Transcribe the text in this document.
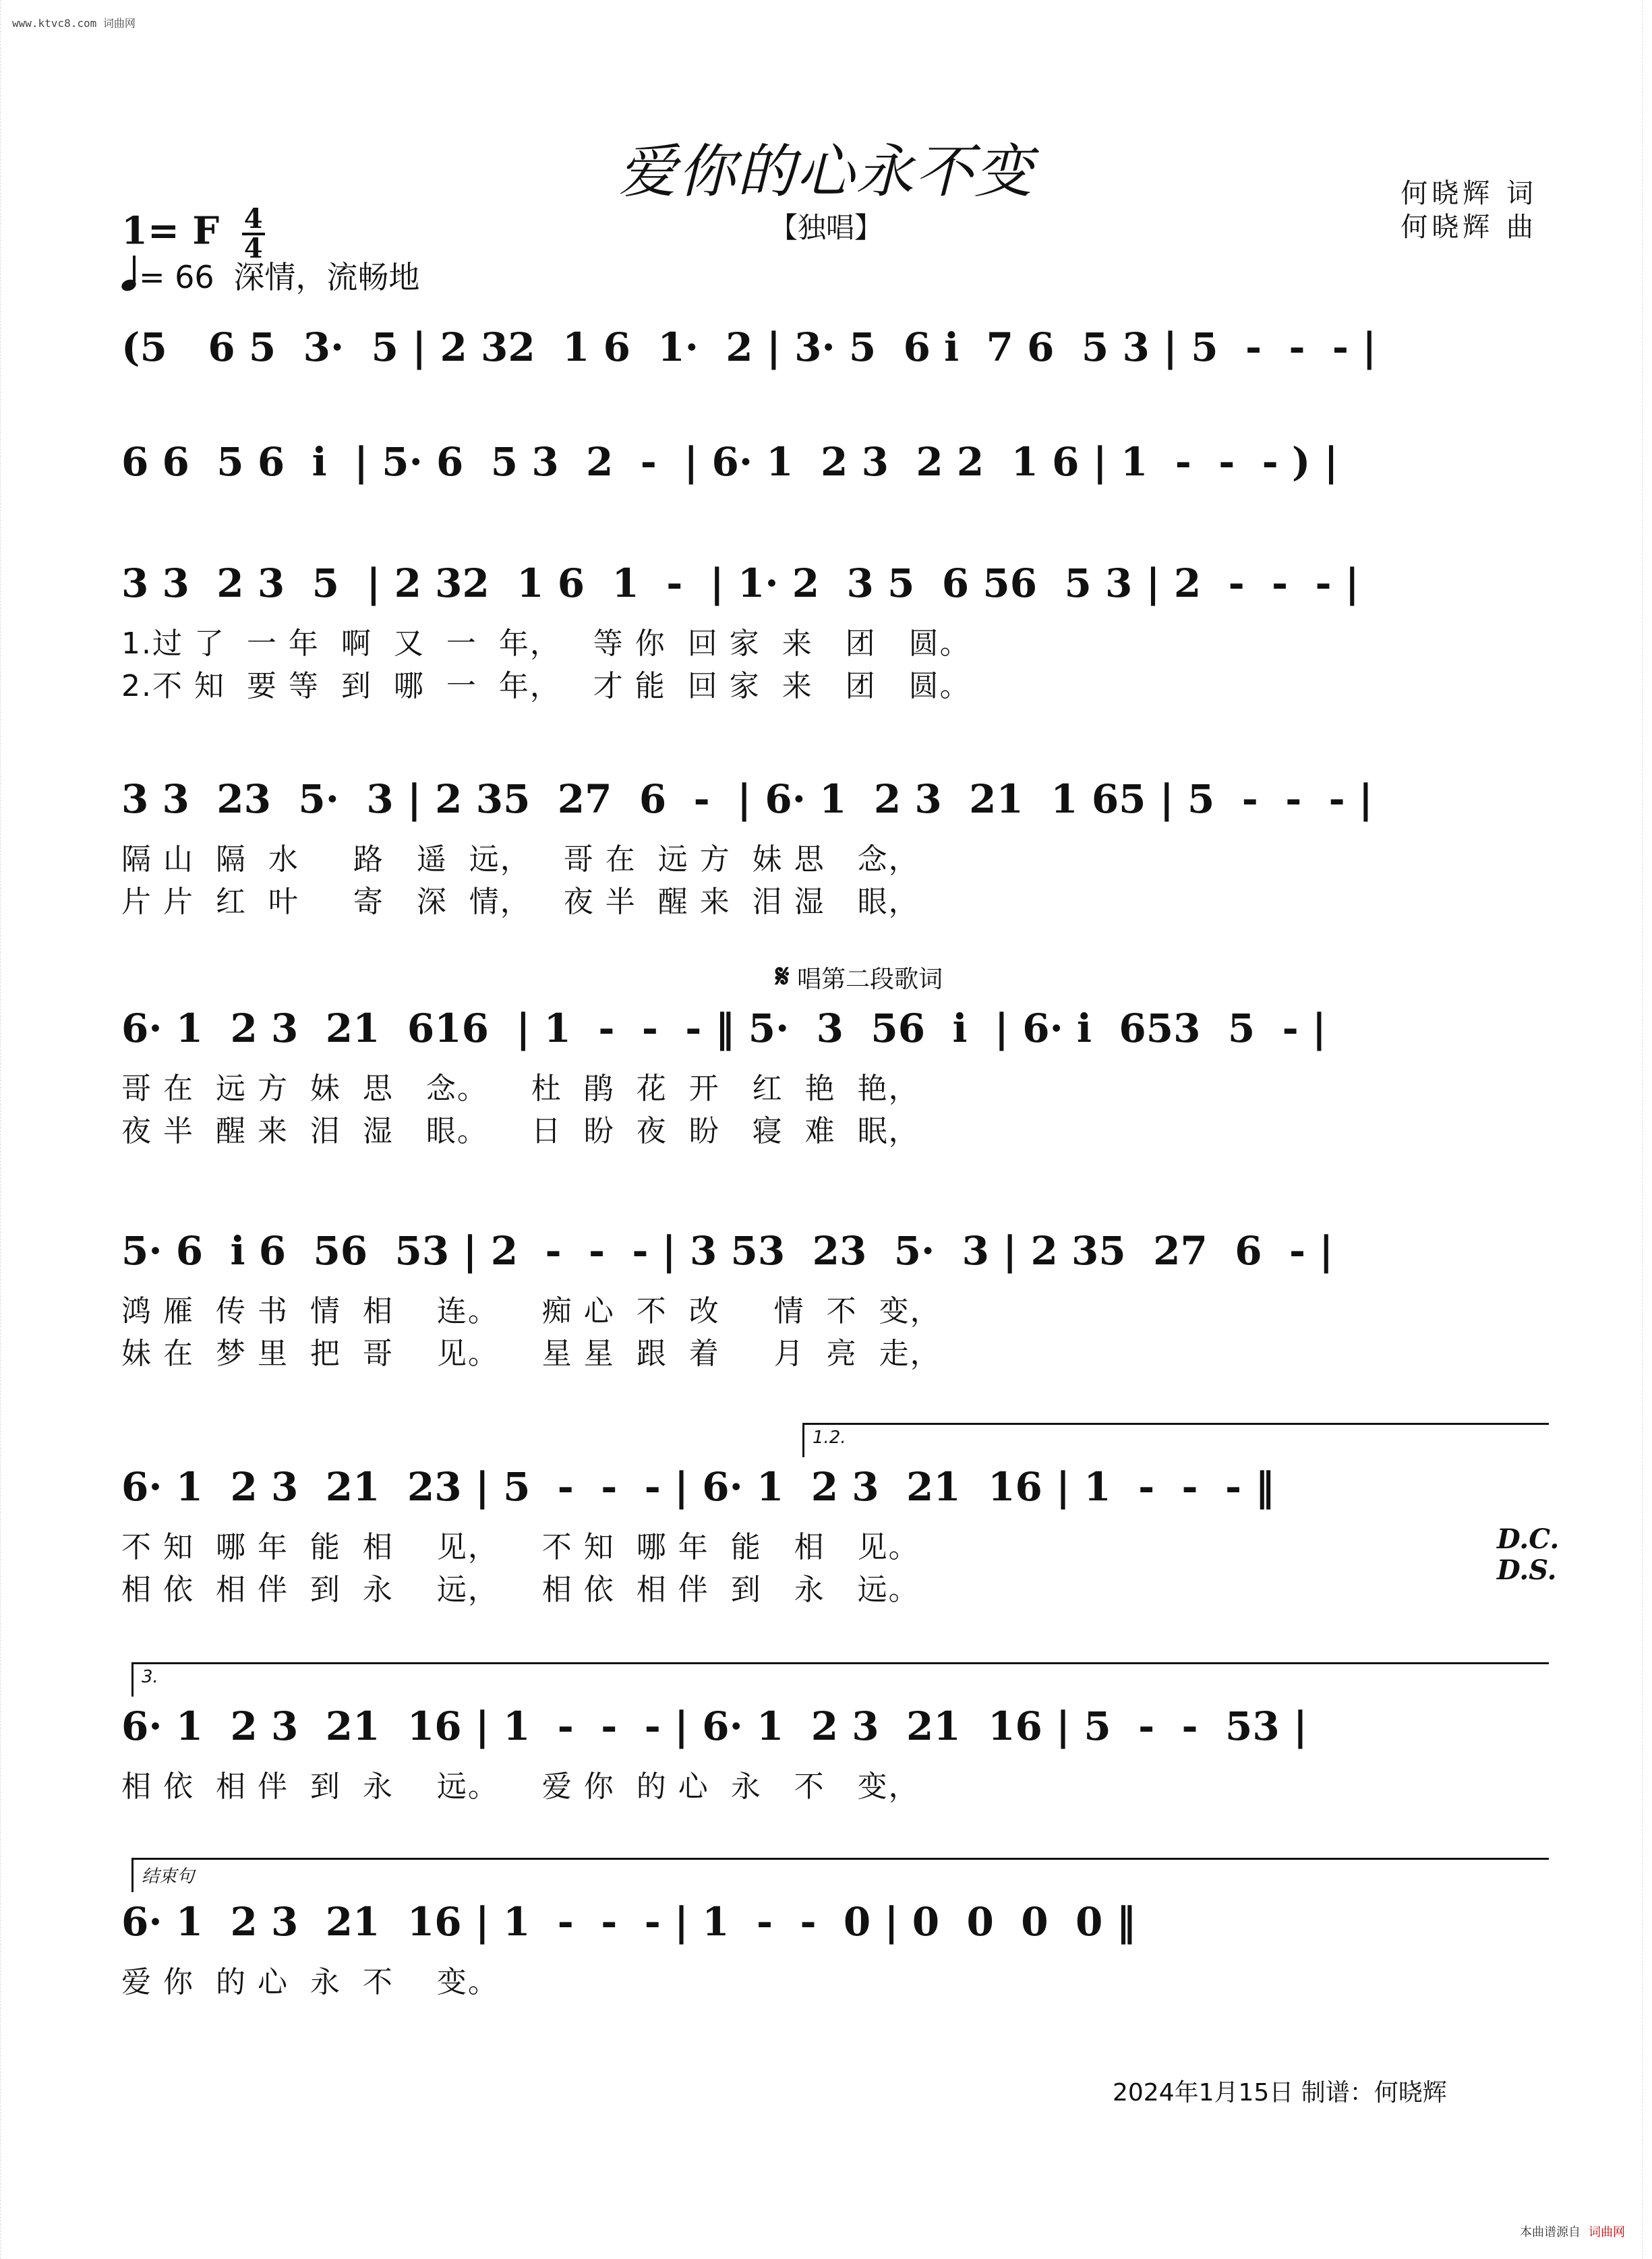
www.ktvc8.com 词曲网
爱你的心永不变
【独唱】
何晓辉 词
何晓辉 曲
1= F $\frac{4}{4}$
= 66 深情，流畅地
(5   6 5  3·  5 | 2 32  1 6  1·  2 | 3· 5  6 i  7 6  5 3 | 5  -  -  - |
6 6  5 6  i  | 5· 6  5 3  2  -  | 6· 1  2 3  2 2  1 6 | 1  -  -  - ) |
3 3  2 3  5  | 2 32  1 6  1  -  | 1· 2  3 5  6 56  5 3 | 2  -  -  - |
1.过 了  一 年  啊  又  一  年，   等 你  回 家  来   团   圆。
2.不 知  要 等  到  哪  一  年，   才 能  回 家  来   团   圆。
3 3  23  5·  3 | 2 35  27  6  -  | 6· 1  2 3  21  1 65 | 5  -  -  - |
隔 山  隔  水     路   遥  远，   哥 在  远 方  妹 思   念，
片 片  红  叶     寄   深  情，   夜 半  醒 来  泪 湿   眼，
𝄋 唱第二段歌词
6· 1  2 3  21  616  | 1  -  -  - ‖ 5·  3  56  i  | 6· i  653  5  - |
哥 在  远 方  妹  思   念。    杜  鹃  花  开   红  艳  艳，
夜 半  醒 来  泪  湿   眼。    日  盼  夜  盼   寝  难  眠，
5· 6  i 6  56  53 | 2  -  -  - | 3 53  23  5·  3 | 2 35  27  6  - |
鸿 雁  传 书  情  相    连。    痴 心  不  改     情  不  变，
妹 在  梦 里  把  哥    见。    星 星  跟  着     月  亮  走，
1.2.
6· 1  2 3  21  23 | 5  -  -  - | 6· 1  2 3  21  16 | 1  -  -  - ‖
不 知  哪 年  能  相    见，    不 知  哪 年  能   相   见。
相 依  相 伴  到  永    远，    相 依  相 伴  到   永   远。
D.C.
D.S.
3.
6· 1  2 3  21  16 | 1  -  -  - | 6· 1  2 3  21  16 | 5  -  -  53 |
相 依  相 伴  到  永    远。    爱 你  的 心  永   不   变，
结束句
6· 1  2 3  21  16 | 1  -  -  - | 1  -  -  0 | 0  0  0  0 ‖
爱 你  的 心  永  不    变。
2024年1月15日 制谱：何晓辉
本曲谱源自 词曲网
